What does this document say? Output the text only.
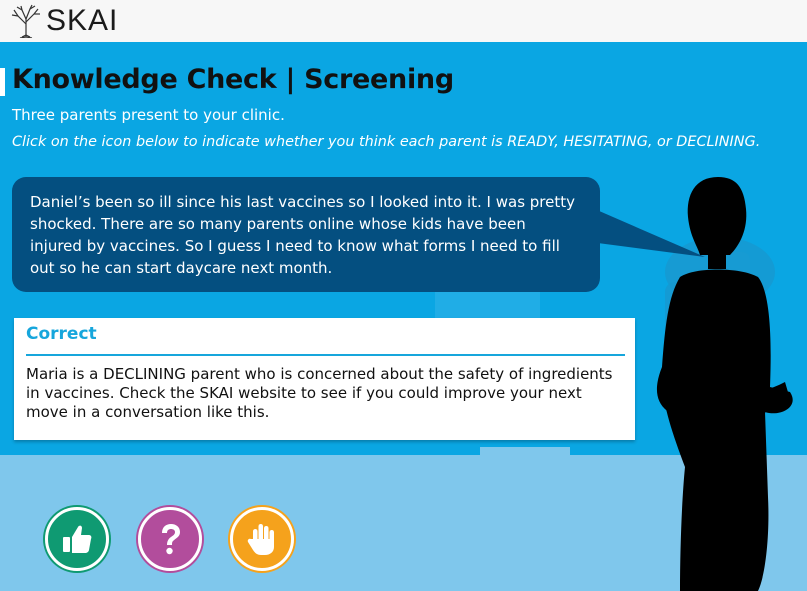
SKAI
Knowledge Check | Screening
Three parents present to your clinic.
Click on the icon below to indicate whether you think each parent is READY, HESITATING, or DECLINING.
Daniel’s been so ill since his last vaccines so I looked into it. I was pretty shocked. There are so many parents online whose kids have been injured by vaccines. So I guess I need to know what forms I need to fill out so he can start daycare next month.
Correct
Maria is a DECLINING parent who is concerned about the safety of ingredients in vaccines. Check the SKAI website to see if you could improve your next move in a conversation like this.
